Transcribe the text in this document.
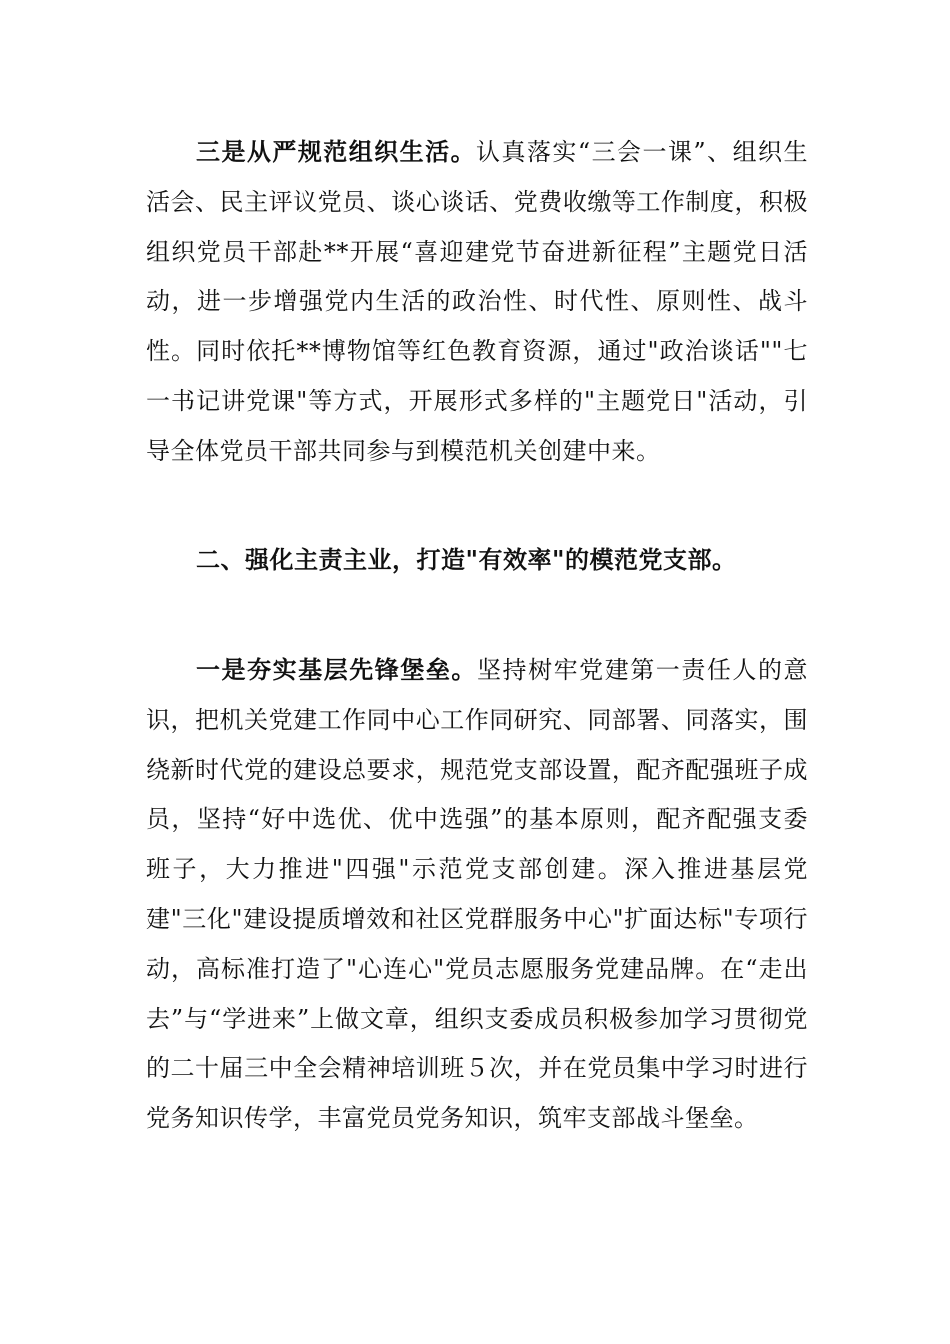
三是从严规范组织生活。认真落实“三会一课”、组织生活会、民主评议党员、谈心谈话、党费收缴等工作制度，积极组织党员干部赴**开展“喜迎建党节奋进新征程”主题党日活动，进一步增强党内生活的政治性、时代性、原则性、战斗性。同时依托**博物馆等红色教育资源，通过"政治谈话""七一书记讲党课"等方式，开展形式多样的"主题党日"活动，引导全体党员干部共同参与到模范机关创建中来。

二、强化主责主业，打造"有效率"的模范党支部。

一是夯实基层先锋堡垒。坚持树牢党建第一责任人的意识，把机关党建工作同中心工作同研究、同部署、同落实，围绕新时代党的建设总要求，规范党支部设置，配齐配强班子成员，坚持“好中选优、优中选强”的基本原则，配齐配强支委班子，大力推进"四强"示范党支部创建。深入推进基层党建"三化"建设提质增效和社区党群服务中心"扩面达标"专项行动，高标准打造了"心连心"党员志愿服务党建品牌。在“走出去”与“学进来”上做文章，组织支委成员积极参加学习贯彻党的二十届三中全会精神培训班５次，并在党员集中学习时进行党务知识传学，丰富党员党务知识，筑牢支部战斗堡垒。
